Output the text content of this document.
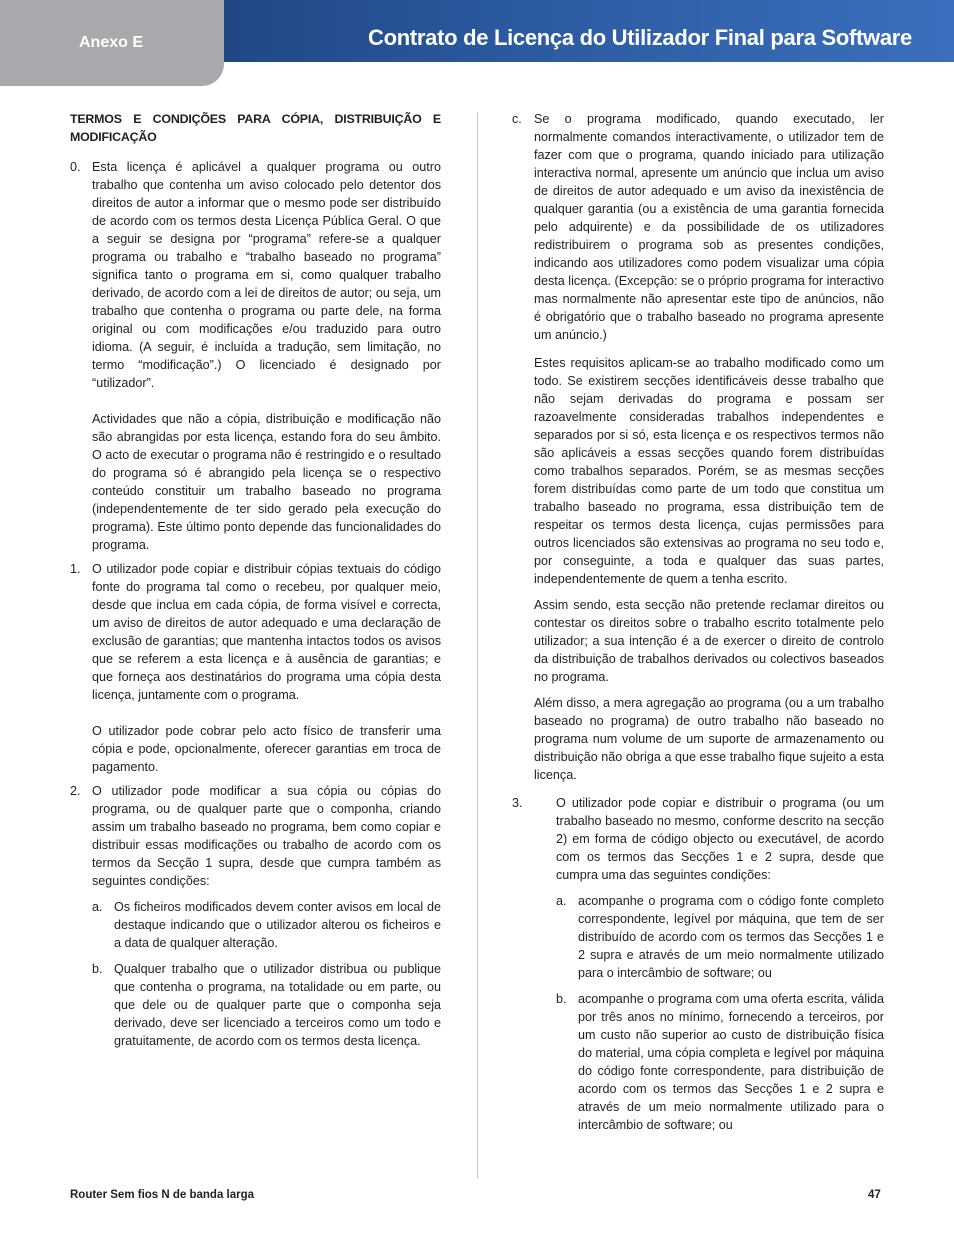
Anexo E	Contrato de Licença do Utilizador Final para Software

TERMOS E CONDIÇÕES PARA CÓPIA, DISTRIBUIÇÃO E MODIFICAÇÃO

0. Esta licença é aplicável a qualquer programa ou outro trabalho que contenha um aviso colocado pelo detentor dos direitos de autor a informar que o mesmo pode ser distribuído de acordo com os termos desta Licença Pública Geral. O que a seguir se designa por “programa” refere-se a qualquer programa ou trabalho e “trabalho baseado no programa” significa tanto o programa em si, como qualquer trabalho derivado, de acordo com a lei de direitos de autor; ou seja, um trabalho que contenha o programa ou parte dele, na forma original ou com modificações e/ou traduzido para outro idioma. (A seguir, é incluída a tradução, sem limitação, no termo “modificação”.) O licenciado é designado por “utilizador”.

Actividades que não a cópia, distribuição e modificação não são abrangidas por esta licença, estando fora do seu âmbito. O acto de executar o programa não é restringido e o resultado do programa só é abrangido pela licença se o respectivo conteúdo constituir um trabalho baseado no programa (independentemente de ter sido gerado pela execução do programa). Este último ponto depende das funcionalidades do programa.

1. O utilizador pode copiar e distribuir cópias textuais do código fonte do programa tal como o recebeu, por qualquer meio, desde que inclua em cada cópia, de forma visível e correcta, um aviso de direitos de autor adequado e uma declaração de exclusão de garantias; que mantenha intactos todos os avisos que se referem a esta licença e à ausência de garantias; e que forneça aos destinatários do programa uma cópia desta licença, juntamente com o programa.

O utilizador pode cobrar pelo acto físico de transferir uma cópia e pode, opcionalmente, oferecer garantias em troca de pagamento.

2. O utilizador pode modificar a sua cópia ou cópias do programa, ou de qualquer parte que o componha, criando assim um trabalho baseado no programa, bem como copiar e distribuir essas modificações ou trabalho de acordo com os termos da Secção 1 supra, desde que cumpra também as seguintes condições:

a. Os ficheiros modificados devem conter avisos em local de destaque indicando que o utilizador alterou os ficheiros e a data de qualquer alteração.

b. Qualquer trabalho que o utilizador distribua ou publique que contenha o programa, na totalidade ou em parte, ou que dele ou de qualquer parte que o componha seja derivado, deve ser licenciado a terceiros como um todo e gratuitamente, de acordo com os termos desta licença.

c. Se o programa modificado, quando executado, ler normalmente comandos interactivamente, o utilizador tem de fazer com que o programa, quando iniciado para utilização interactiva normal, apresente um anúncio que inclua um aviso de direitos de autor adequado e um aviso da inexistência de qualquer garantia (ou a existência de uma garantia fornecida pelo adquirente) e da possibilidade de os utilizadores redistribuirem o programa sob as presentes condições, indicando aos utilizadores como podem visualizar uma cópia desta licença. (Excepção: se o próprio programa for interactivo mas normalmente não apresentar este tipo de anúncios, não é obrigatório que o trabalho baseado no programa apresente um anúncio.)

Estes requisitos aplicam-se ao trabalho modificado como um todo. Se existirem secções identificáveis desse trabalho que não sejam derivadas do programa e possam ser razoavelmente consideradas trabalhos independentes e separados por si só, esta licença e os respectivos termos não são aplicáveis a essas secções quando forem distribuídas como trabalhos separados. Porém, se as mesmas secções forem distribuídas como parte de um todo que constitua um trabalho baseado no programa, essa distribuição tem de respeitar os termos desta licença, cujas permissões para outros licenciados são extensivas ao programa no seu todo e, por conseguinte, a toda e qualquer das suas partes, independentemente de quem a tenha escrito.

Assim sendo, esta secção não pretende reclamar direitos ou contestar os direitos sobre o trabalho escrito totalmente pelo utilizador; a sua intenção é a de exercer o direito de controlo da distribuição de trabalhos derivados ou colectivos baseados no programa.

Além disso, a mera agregação ao programa (ou a um trabalho baseado no programa) de outro trabalho não baseado no programa num volume de um suporte de armazenamento ou distribuição não obriga a que esse trabalho fique sujeito a esta licença.

3.	O utilizador pode copiar e distribuir o programa (ou um trabalho baseado no mesmo, conforme descrito na secção 2) em forma de código objecto ou executável, de acordo com os termos das Secções 1 e 2 supra, desde que cumpra uma das seguintes condições:

a. acompanhe o programa com o código fonte completo correspondente, legível por máquina, que tem de ser distribuído de acordo com os termos das Secções 1 e 2 supra e através de um meio normalmente utilizado para o intercâmbio de software; ou

b. acompanhe o programa com uma oferta escrita, válida por três anos no mínimo, fornecendo a terceiros, por um custo não superior ao custo de distribuição física do material, uma cópia completa e legível por máquina do código fonte correspondente, para distribuição de acordo com os termos das Secções 1 e 2 supra e através de um meio normalmente utilizado para o intercâmbio de software; ou

Router Sem fios N de banda larga	47
